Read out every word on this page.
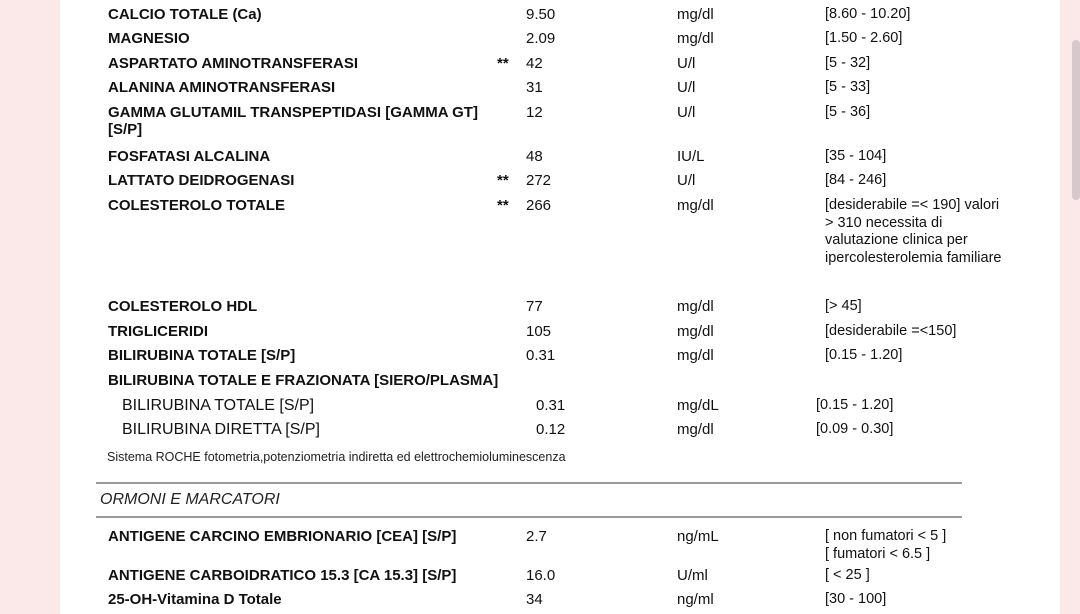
CALCIO TOTALE (Ca)	9.50	mg/dl	[8.60 - 10.20]
MAGNESIO	2.09	mg/dl	[1.50 - 2.60]
ASPARTATO AMINOTRANSFERASI	** 42	U/l	[5 - 32]
ALANINA AMINOTRANSFERASI	31	U/l	[5 - 33]
GAMMA GLUTAMIL TRANSPEPTIDASI [GAMMA GT] [S/P]
12	U/l	[5 - 36]
FOSFATASI ALCALINA	48	IU/L	[35 - 104]
LATTATO DEIDROGENASI	** 272	U/l	[84 - 246]
COLESTEROLO TOTALE	** 266	mg/dl	[desiderabile =< 190] valori > 310 necessita di valutazione clinica per ipercolesterolemia familiare
COLESTEROLO HDL	77	mg/dl	[> 45]
TRIGLICERIDI	105	mg/dl	[desiderabile =<150]
BILIRUBINA TOTALE [S/P]	0.31	mg/dl	[0.15 - 1.20]
BILIRUBINA TOTALE E FRAZIONATA [SIERO/PLASMA]
BILIRUBINA TOTALE [S/P]	0.31	mg/dL	[0.15 - 1.20]
BILIRUBINA DIRETTA [S/P]	0.12	mg/dl	[0.09 - 0.30]
Sistema ROCHE fotometria,potenziometria indiretta ed elettrochemioluminescenza
ORMONI E MARCATORI
ANTIGENE CARCINO EMBRIONARIO [CEA] [S/P]	2.7	ng/mL	[ non fumatori < 5 ]
[ fumatori < 6.5 ]
ANTIGENE CARBOIDRATICO 15.3 [CA 15.3] [S/P]	16.0	U/ml	[ < 25 ]
25-OH-Vitamina D Totale	34	ng/ml	[30 - 100]
